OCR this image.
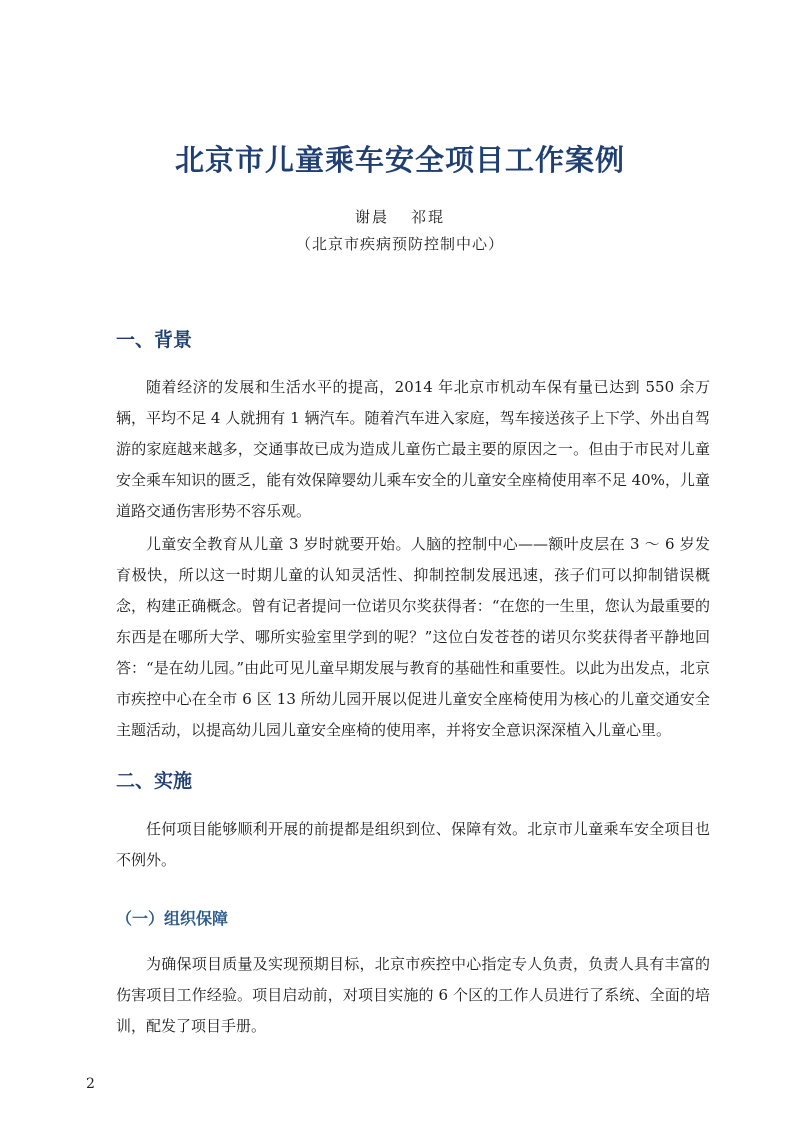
北京市儿童乘车安全项目工作案例
谢晨 祁琨
（北京市疾病预防控制中心）
一、背景

随着经济的发展和生活水平的提高，2014 年北京市机动车保有量已达到 550 余万辆，平均不足 4 人就拥有 1 辆汽车。随着汽车进入家庭，驾车接送孩子上下学、外出自驾游的家庭越来越多，交通事故已成为造成儿童伤亡最主要的原因之一。但由于市民对儿童安全乘车知识的匮乏，能有效保障婴幼儿乘车安全的儿童安全座椅使用率不足 40%，儿童道路交通伤害形势不容乐观。

儿童安全教育从儿童 3 岁时就要开始。人脑的控制中心——额叶皮层在 3 ～ 6 岁发育极快，所以这一时期儿童的认知灵活性、抑制控制发展迅速，孩子们可以抑制错误概念，构建正确概念。曾有记者提问一位诺贝尔奖获得者：“在您的一生里，您认为最重要的东西是在哪所大学、哪所实验室里学到的呢？”这位白发苍苍的诺贝尔奖获得者平静地回答：“是在幼儿园。”由此可见儿童早期发展与教育的基础性和重要性。以此为出发点，北京市疾控中心在全市 6 区 13 所幼儿园开展以促进儿童安全座椅使用为核心的儿童交通安全主题活动，以提高幼儿园儿童安全座椅的使用率，并将安全意识深深植入儿童心里。

二、实施

任何项目能够顺利开展的前提都是组织到位、保障有效。北京市儿童乘车安全项目也不例外。

（一）组织保障

为确保项目质量及实现预期目标，北京市疾控中心指定专人负责，负责人具有丰富的伤害项目工作经验。项目启动前，对项目实施的 6 个区的工作人员进行了系统、全面的培训，配发了项目手册。

2
